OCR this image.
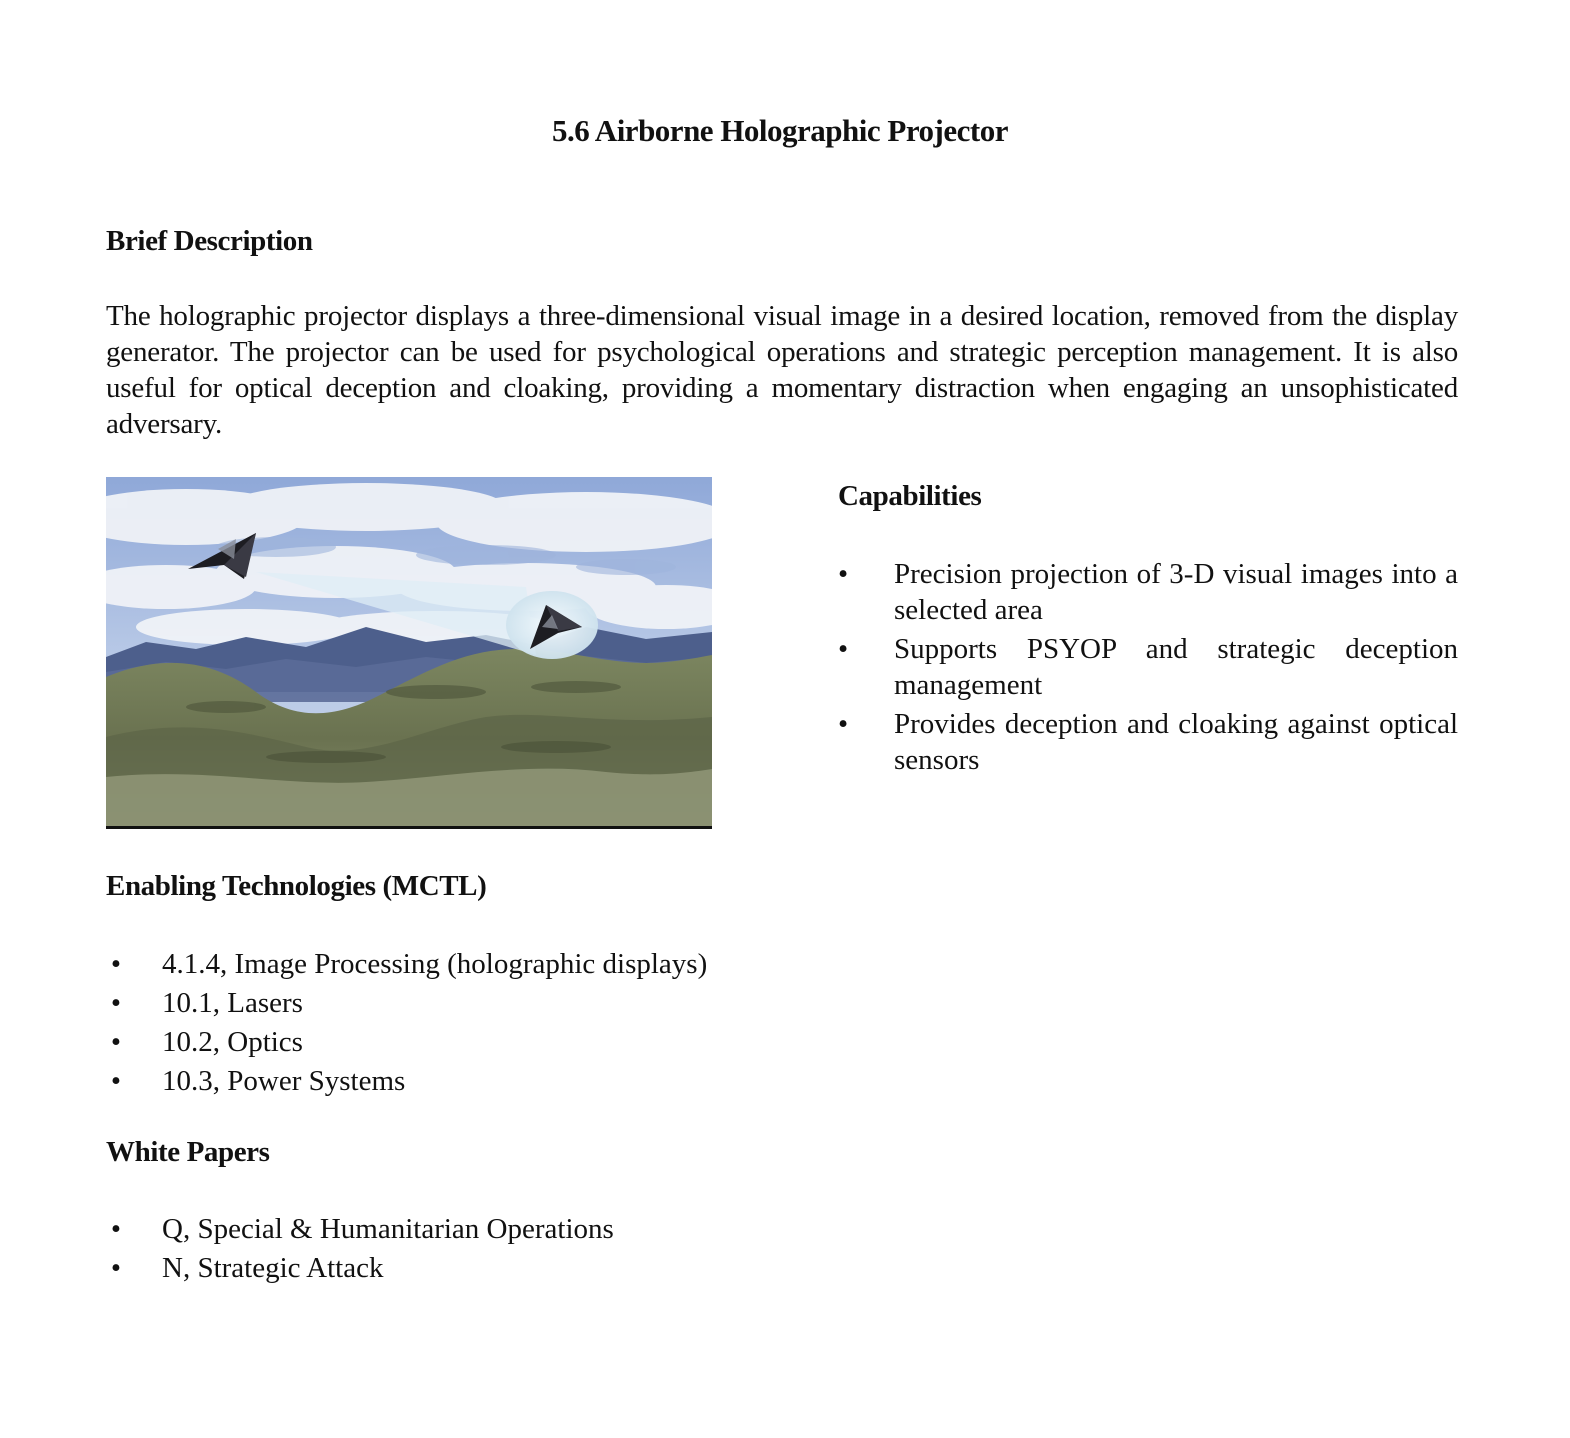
5.6 Airborne Holographic Projector
Brief Description

The holographic projector displays a three-dimensional visual image in a desired location, removed from the display generator. The projector can be used for psychological operations and strategic perception management. It is also useful for optical deception and cloaking, providing a momentary distraction when engaging an unsophisticated adversary.

Capabilities
•	Precision projection of 3-D visual images into a selected area
•	Supports PSYOP and strategic deception management
•	Provides deception and cloaking against optical sensors
Enabling Technologies (MCTL)
• 4.1.4, Image Processing (holographic displays)
• 10.1, Lasers
• 10.2, Optics
• 10.3, Power Systems
White Papers
• Q, Special & Humanitarian Operations
• N, Strategic Attack
